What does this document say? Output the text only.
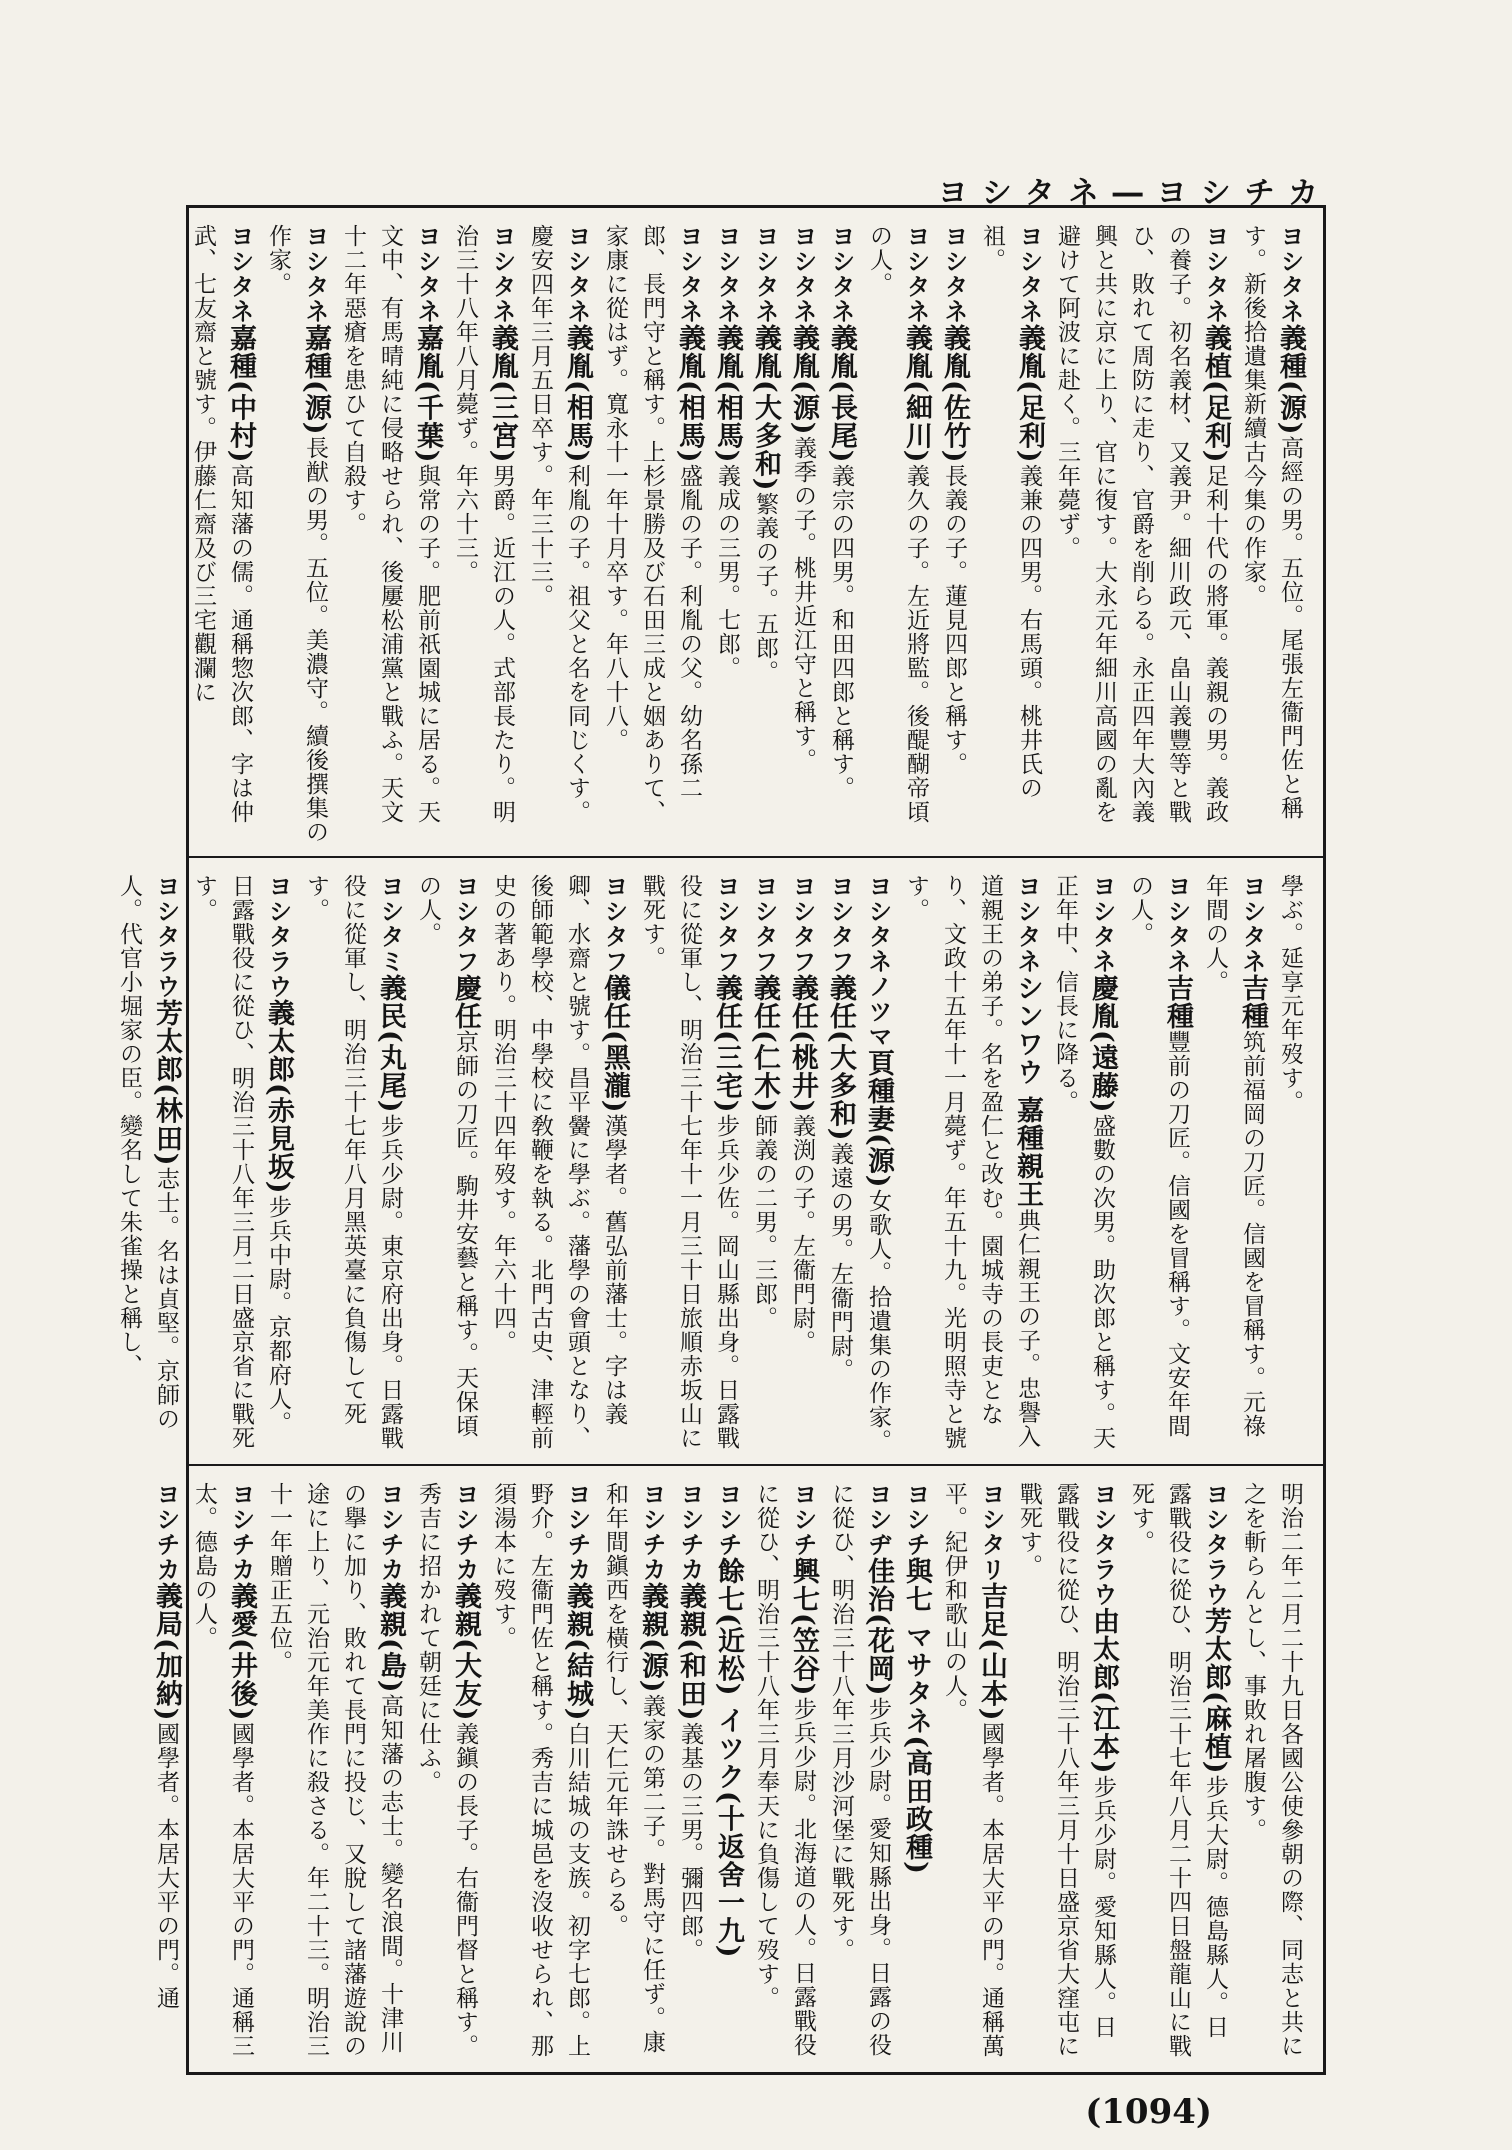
ヨシタネ―ヨシチカ
ヨシタネ義種(源)高經の男。五位。尾張左衞門佐と稱す。新後拾遺集新續古今集の作家。
ヨシタネ義植(足利)足利十代の將軍。義親の男。義政の養子。初名義材、又義尹。細川政元、畠山義豐等と戰ひ、敗れて周防に走り、官爵を削らる。永正四年大內義興と共に京に上り、官に復す。大永元年細川高國の亂を避けて阿波に赴く。三年薨ず。
ヨシタネ義胤(足利)義兼の四男。右馬頭。桃井氏の祖。
ヨシタネ義胤(佐竹)長義の子。蓮見四郎と稱す。
ヨシタネ義胤(細川)義久の子。左近將監。後醍醐帝頃の人。
ヨシタネ義胤(長尾)義宗の四男。和田四郎と稱す。
ヨシタネ義胤(源)義季の子。桃井近江守と稱す。
ヨシタネ義胤(大多和)繁義の子。五郎。
ヨシタネ義胤(相馬)義成の三男。七郎。
ヨシタネ義胤(相馬)盛胤の子。利胤の父。幼名孫二郎、長門守と稱す。上杉景勝及び石田三成と姻ありて、家康に從はず。寬永十一年十月卒す。年八十八。
ヨシタネ義胤(相馬)利胤の子。祖父と名を同じくす。慶安四年三月五日卒す。年三十三。
ヨシタネ義胤(三宮)男爵。近江の人。式部長たり。明治三十八年八月薨ず。年六十三。
ヨシタネ嘉胤(千葉)與常の子。肥前祇園城に居る。天文中、有馬晴純に侵略せられ、後屢松浦黨と戰ふ。天文十二年惡瘡を患ひて自殺す。
ヨシタネ嘉種(源)長猷の男。五位。美濃守。續後撰集の作家。
ヨシタネ嘉種(中村)高知藩の儒。通稱惣次郎、字は仲武、七友齋と號す。伊藤仁齋及び三宅觀瀾に
學ぶ。延享元年歿す。
ヨシタネ吉種筑前福岡の刀匠。信國を冒稱す。元祿年間の人。
ヨシタネ吉種豐前の刀匠。信國を冒稱す。文安年間の人。
ヨシタネ慶胤(遠藤)盛數の次男。助次郎と稱す。天正年中、信長に降る。
ヨシタネシンワウ 嘉種親王典仁親王の子。忠譽入道親王の弟子。名を盈仁と改む。園城寺の長吏となり、文政十五年十一月薨ず。年五十九。光明照寺と號す。
ヨシタネノツマ頁種妻(源)女歌人。拾遺集の作家。
ヨシタフ義任(大多和)義遠の男。左衞門尉。
ヨシタフ義任(桃井)義渕の子。左衞門尉。
ヨシタフ義任(仁木)師義の二男。三郎。
ヨシタフ義任(三宅)步兵少佐。岡山縣出身。日露戰役に從軍し、明治三十七年十一月三十日旅順赤坂山に戰死す。
ヨシタフ儀任(黑瀧)漢學者。舊弘前藩士。字は義卿、水齋と號す。昌平黌に學ぶ。藩學の會頭となり、後師範學校、中學校に敎鞭を執る。北門古史、津輕前史の著あり。明治三十四年歿す。年六十四。
ヨシタフ慶任京師の刀匠。駒井安藝と稱す。天保頃の人。
ヨシタミ義民(丸尾)步兵少尉。東京府出身。日露戰役に從軍し、明治三十七年八月黑英臺に負傷して死す。
ヨシタラウ義太郎(赤見坂)步兵中尉。京都府人。日露戰役に從ひ、明治三十八年三月二日盛京省に戰死す。
ヨシタラウ芳太郎(林田)志士。名は貞堅。京師の人。代官小堀家の臣。變名して朱雀操と稱し、
明治二年二月二十九日各國公使參朝の際、同志と共に之を斬らんとし、事敗れ屠腹す。
ヨシタラウ芳太郎(麻植)步兵大尉。德島縣人。日露戰役に從ひ、明治三十七年八月二十四日盤龍山に戰死す。
ヨシタラウ由太郎(江本)步兵少尉。愛知縣人。日露戰役に從ひ、明治三十八年三月十日盛京省大窪屯に戰死す。
ヨシタリ吉足(山本)國學者。本居大平の門。通稱萬平。紀伊和歌山の人。
ヨシチ與七 マサタネ(高田政種)
ヨシヂ佳治(花岡)步兵少尉。愛知縣出身。日露の役に從ひ、明治三十八年三月沙河堡に戰死す。
ヨシチ興七(笠谷)步兵少尉。北海道の人。日露戰役に從ひ、明治三十八年三月奉天に負傷して歿す。
ヨシチ餘七(近松) イツク(十返舍一九)
ヨシチカ義親(和田)義基の三男。彌四郎。
ヨシチカ義親(源)義家の第二子。對馬守に任ず。康和年間鎭西を橫行し、天仁元年誅せらる。
ヨシチカ義親(結城)白川結城の支族。初字七郎。上野介。左衞門佐と稱す。秀吉に城邑を沒收せられ、那須湯本に歿す。
ヨシチカ義親(大友)義鎭の長子。右衞門督と稱す。秀吉に招かれて朝廷に仕ふ。
ヨシチカ義親(島)高知藩の志士。變名浪間。十津川の擧に加り、敗れて長門に投じ、又脫して諸藩遊說の途に上り、元治元年美作に殺さる。年二十三。明治三十一年贈正五位。
ヨシチカ義愛(井後)國學者。本居大平の門。通稱三太。德島の人。
ヨシチカ義局(加納)國學者。本居大平の門。通
(1094)
